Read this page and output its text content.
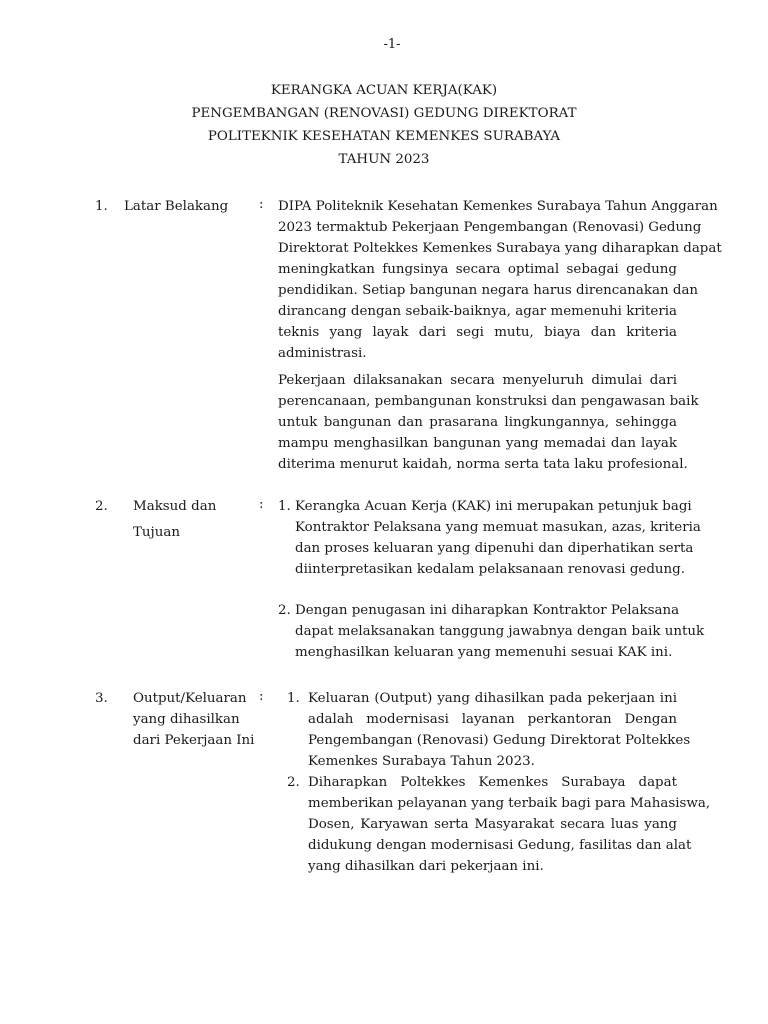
-1-
KERANGKA ACUAN KERJA(KAK)
PENGEMBANGAN (RENOVASI) GEDUNG DIREKTORAT
POLITEKNIK KESEHATAN KEMENKES SURABAYA
TAHUN 2023
1. Latar Belakang : DIPA Politeknik Kesehatan Kemenkes Surabaya Tahun Anggaran
2023 termaktub Pekerjaan Pengembangan (Renovasi) Gedung
Direktorat Poltekkes Kemenkes Surabaya yang diharapkan dapat
meningkatkan fungsinya secara optimal sebagai gedung
pendidikan. Setiap bangunan negara harus direncanakan dan
dirancang dengan sebaik-baiknya, agar memenuhi kriteria
teknis yang layak dari segi mutu, biaya dan kriteria
administrasi.

Pekerjaan dilaksanakan secara menyeluruh dimulai dari
perencanaan, pembangunan konstruksi dan pengawasan baik
untuk bangunan dan prasarana lingkungannya, sehingga
mampu menghasilkan bangunan yang memadai dan layak
diterima menurut kaidah, norma serta tata laku profesional.

2. Maksud dan
Tujuan
: 1. Kerangka Acuan Kerja (KAK) ini merupakan petunjuk bagi
Kontraktor Pelaksana yang memuat masukan, azas, kriteria
dan proses keluaran yang dipenuhi dan diperhatikan serta
diinterpretasikan kedalam pelaksanaan renovasi gedung.
2. Dengan penugasan ini diharapkan Kontraktor Pelaksana
dapat melaksanakan tanggung jawabnya dengan baik untuk
menghasilkan keluaran yang memenuhi sesuai KAK ini.
3. Output/Keluaran
yang dihasilkan
dari Pekerjaan Ini
: 1. Keluaran (Output) yang dihasilkan pada pekerjaan ini
adalah modernisasi layanan perkantoran Dengan
Pengembangan (Renovasi) Gedung Direktorat Poltekkes
Kemenkes Surabaya Tahun 2023.
2. Diharapkan Poltekkes Kemenkes Surabaya dapat
memberikan pelayanan yang terbaik bagi para Mahasiswa,
Dosen, Karyawan serta Masyarakat secara luas yang
didukung dengan modernisasi Gedung, fasilitas dan alat
yang dihasilkan dari pekerjaan ini.
